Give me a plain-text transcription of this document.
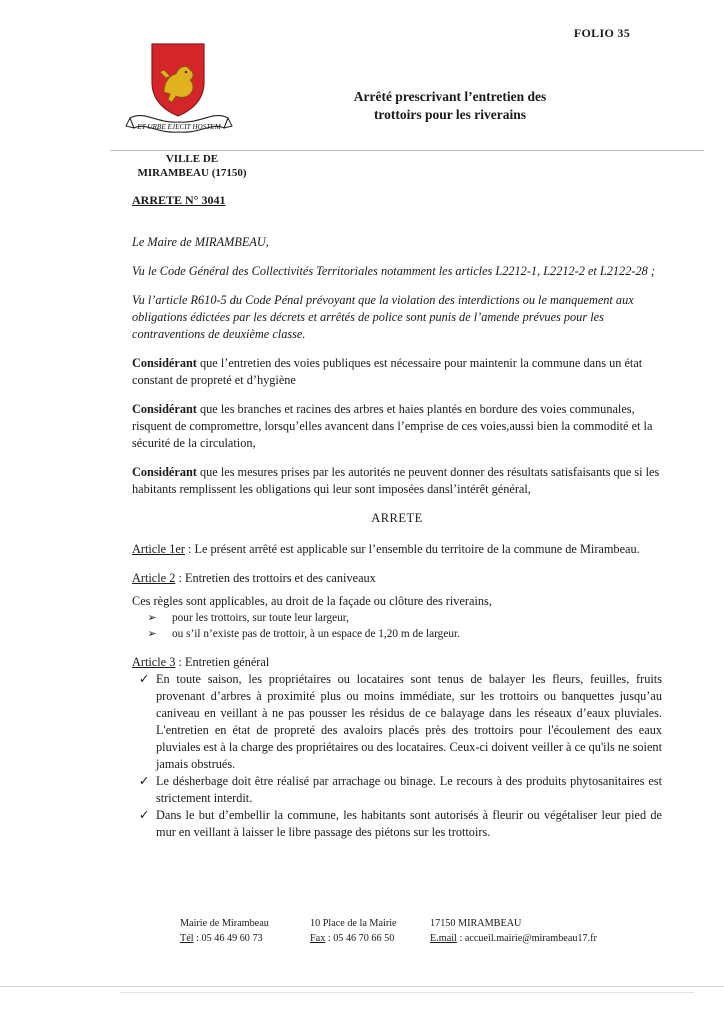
FOLIO 35
ET URBE EJECIT HOSTEM
Arrêté prescrivant l’entretien des
trottoirs pour les riverains
VILLE DE
MIRAMBEAU (17150)
ARRETE N° 3041

Le Maire de MIRAMBEAU,

Vu le Code Général des Collectivités Territoriales notamment les articles L2212-1, L2212-2 et L2122-28 ;

Vu l’article R610-5 du Code Pénal prévoyant que la violation des interdictions ou le manquement aux obligations édictées par les décrets et arrêtés de police sont punis de l’amende prévues pour les contraventions de deuxième classe.

Considérant que l’entretien des voies publiques est nécessaire pour maintenir la commune dans un état constant de propreté et d’hygiène

Considérant que les branches et racines des arbres et haies plantés en bordure des voies communales, risquent de compromettre, lorsqu’elles avancent dans l’emprise de ces voies,aussi bien la commodité et la sécurité de la circulation,

Considérant que les mesures prises par les autorités ne peuvent donner des résultats satisfaisants que si les habitants remplissent les obligations qui leur sont imposées dansl’intérêt général,

ARRETE

Article 1er : Le présent arrêté est applicable sur l’ensemble du territoire de la commune de Mirambeau.

Article 2 : Entretien des trottoirs et des caniveaux

Ces règles sont applicables, au droit de la façade ou clôture des riverains,
➢	pour les trottoirs, sur toute leur largeur,
➢	ou s’il n’existe pas de trottoir, à un espace de 1,20 m de largeur.
Article 3 : Entretien général
✓ En toute saison, les propriétaires ou locataires sont tenus de balayer les fleurs, feuilles, fruits provenant d’arbres à proximité plus ou moins immédiate, sur les trottoirs ou banquettes jusqu’au caniveau en veillant à ne pas pousser les résidus de ce balayage dans les réseaux d’eaux pluviales. L'entretien en état de propreté des avaloirs placés près des trottoirs pour l'écoulement des eaux pluviales est à la charge des propriétaires ou des locataires. Ceux-ci doivent veiller à ce qu'ils ne soient jamais obstrués.
✓ Le désherbage doit être réalisé par arrachage ou binage. Le recours à des produits phytosanitaires est strictement interdit.
✓ Dans le but d’embellir la commune, les habitants sont autorisés à fleurir ou végétaliser leur pied de mur en veillant à laisser le libre passage des piétons sur les trottoirs.
Mairie de Mirambeau	10 Place de la Mairie	17150 MIRAMBEAU
Tél : 05 46 49 60 73	Fax : 05 46 70 66 50	E.mail : accueil.mairie@mirambeau17.fr
